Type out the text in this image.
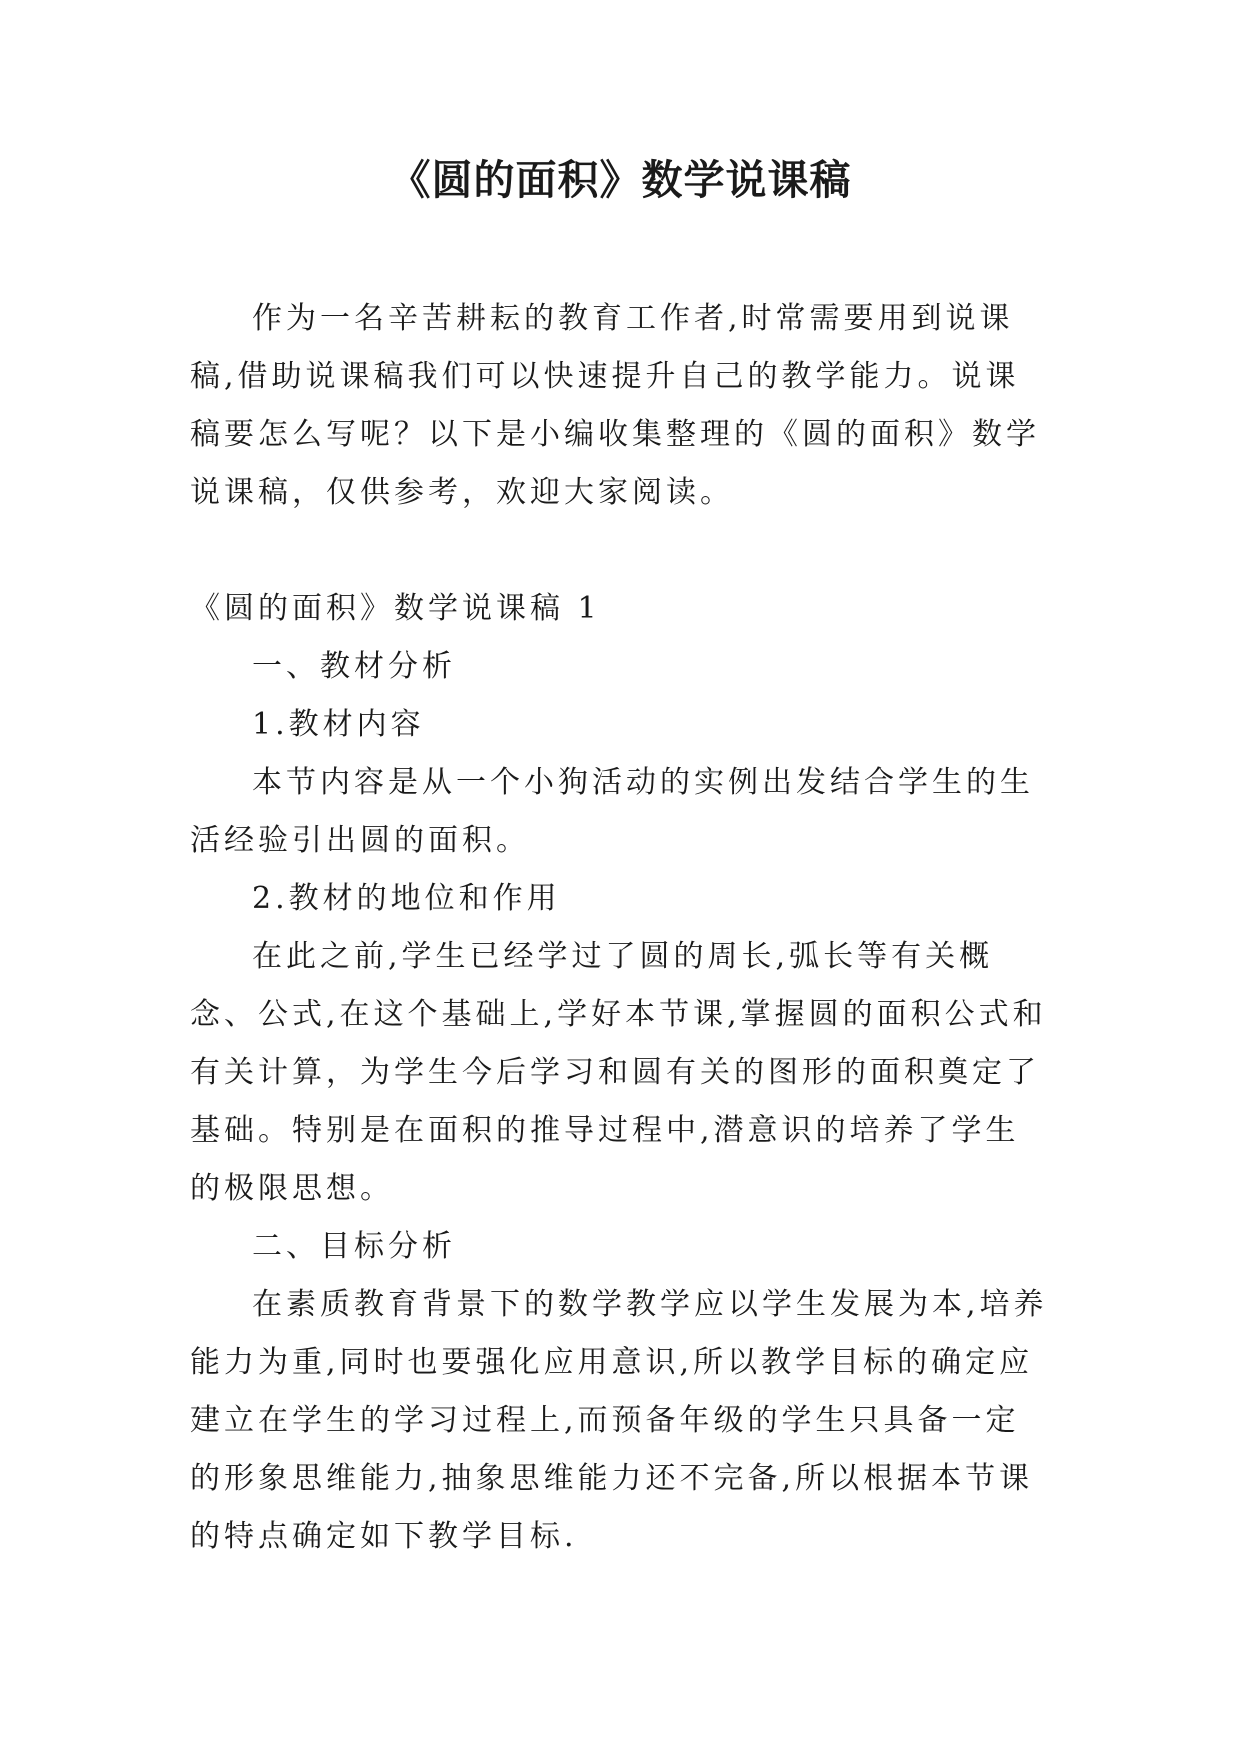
《圆的面积》数学说课稿

作为一名辛苦耕耘的教育工作者,时常需要用到说课稿,借助说课稿我们可以快速提升自己的教学能力。说课稿要怎么写呢？以下是小编收集整理的《圆的面积》数学说课稿，仅供参考，欢迎大家阅读。

《圆的面积》数学说课稿 1

一、教材分析

1.教材内容

本节内容是从一个小狗活动的实例出发结合学生的生活经验引出圆的面积。

2.教材的地位和作用

在此之前,学生已经学过了圆的周长,弧长等有关概念、公式,在这个基础上,学好本节课,掌握圆的面积公式和有关计算，为学生今后学习和圆有关的图形的面积奠定了基础。特别是在面积的推导过程中,潜意识的培养了学生的极限思想。

二、目标分析

在素质教育背景下的数学教学应以学生发展为本,培养能力为重,同时也要强化应用意识,所以教学目标的确定应建立在学生的学习过程上,而预备年级的学生只具备一定的形象思维能力,抽象思维能力还不完备,所以根据本节课的特点确定如下教学目标.
